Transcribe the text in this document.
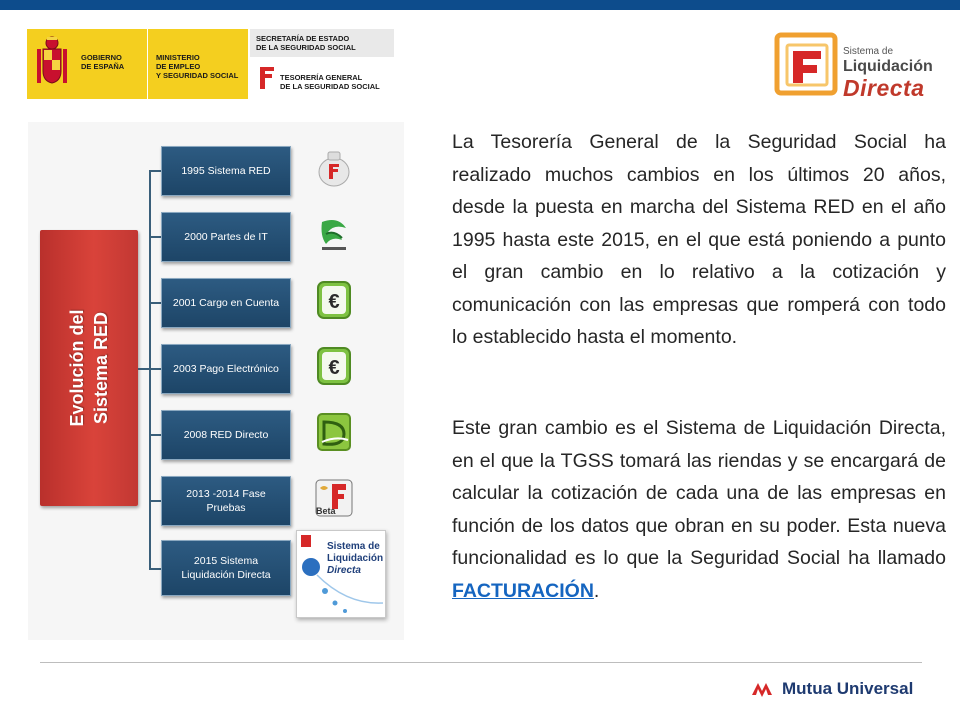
GOBIERNO
DE ESPAÑA
MINISTERIO
DE EMPLEO
Y SEGURIDAD SOCIAL
SECRETARÍA DE ESTADO
DE LA SEGURIDAD SOCIAL
TESORERÍA GENERAL
DE LA SEGURIDAD SOCIAL
Sistema de
Liquidación
Directa
Evolución del Sistema RED
1995 Sistema RED
2000 Partes de IT
2001 Cargo en Cuenta
2003 Pago Electrónico
2008 RED Directo
2013 -2014 Fase Pruebas
2015 Sistema Liquidación Directa
€
€
Beta
Sistema de
Liquidación
Directa

La Tesorería General de la Seguridad Social ha realizado muchos cambios en los últimos 20 años, desde la puesta en marcha del Sistema RED en el año 1995 hasta este 2015, en el que está poniendo a punto el gran cambio en lo relativo a la cotización y comunicación con las empresas que romperá con todo lo establecido hasta el momento.

Este gran cambio es el Sistema de Liquidación Directa, en el que la TGSS tomará las riendas y se encargará de calcular la cotización de cada una de las empresas en función de los datos que obran en su poder. Esta nueva funcionalidad es lo que la Seguridad Social ha llamado FACTURACIÓN.

Mutua Universal
